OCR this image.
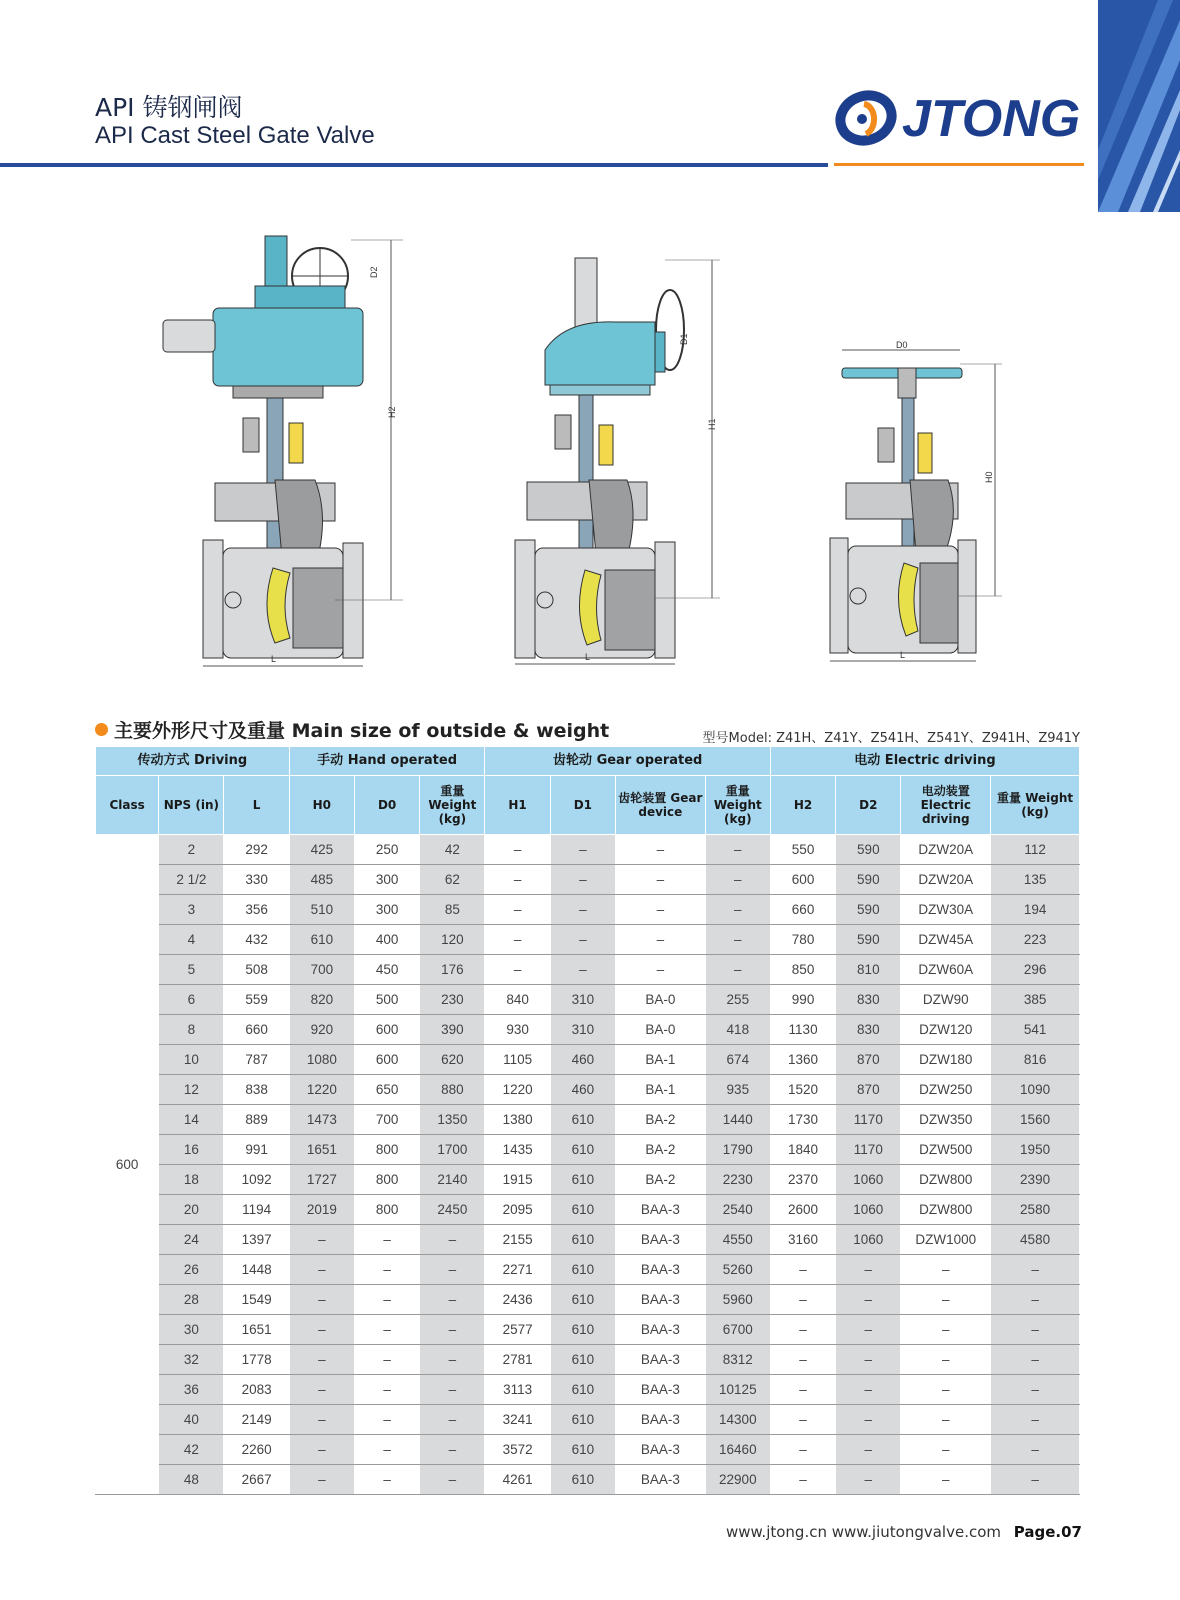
API 铸钢闸阀
API Cast Steel Gate Valve	JTONG
L
H2
D2
L
H1
D1	D0
L
H0
主要外形尺寸及重量 Main size of outside & weight	型号Model: Z41H、Z41Y、Z541H、Z541Y、Z941H、Z941Y
传动方式 Driving			手动 Hand operated			齿轮动 Gear operated				电动 Electric driving			
Class	NPS (in)	L	H0	D0	重量 Weight (kg)	H1	D1	齿轮装置 Gear device	重量 Weight (kg)	H2	D2	电动装置 Electric driving	重量 Weight (kg)
600	2	292	425	250	42	–	–	–	–	550	590	DZW20A	112
	2 1/2	330	485	300	62	–	–	–	–	600	590	DZW20A	135
	3	356	510	300	85	–	–	–	–	660	590	DZW30A	194
	4	432	610	400	120	–	–	–	–	780	590	DZW45A	223
	5	508	700	450	176	–	–	–	–	850	810	DZW60A	296
	6	559	820	500	230	840	310	BA-0	255	990	830	DZW90	385
	8	660	920	600	390	930	310	BA-0	418	1130	830	DZW120	541
	10	787	1080	600	620	1105	460	BA-1	674	1360	870	DZW180	816
	12	838	1220	650	880	1220	460	BA-1	935	1520	870	DZW250	1090
	14	889	1473	700	1350	1380	610	BA-2	1440	1730	1170	DZW350	1560
	16	991	1651	800	1700	1435	610	BA-2	1790	1840	1170	DZW500	1950
	18	1092	1727	800	2140	1915	610	BA-2	2230	2370	1060	DZW800	2390
	20	1194	2019	800	2450	2095	610	BAA-3	2540	2600	1060	DZW800	2580
	24	1397	–	–	–	2155	610	BAA-3	4550	3160	1060	DZW1000	4580
	26	1448	–	–	–	2271	610	BAA-3	5260	–	–	–	–
	28	1549	–	–	–	2436	610	BAA-3	5960	–	–	–	–
	30	1651	–	–	–	2577	610	BAA-3	6700	–	–	–	–
	32	1778	–	–	–	2781	610	BAA-3	8312	–	–	–	–
	36	2083	–	–	–	3113	610	BAA-3	10125	–	–	–	–
	40	2149	–	–	–	3241	610	BAA-3	14300	–	–	–	–
	42	2260	–	–	–	3572	610	BAA-3	16460	–	–	–	–
	48	2667	–	–	–	4261	610	BAA-3	22900	–	–	–	–
www.jtong.cn www.jiutongvalve.com Page.07
